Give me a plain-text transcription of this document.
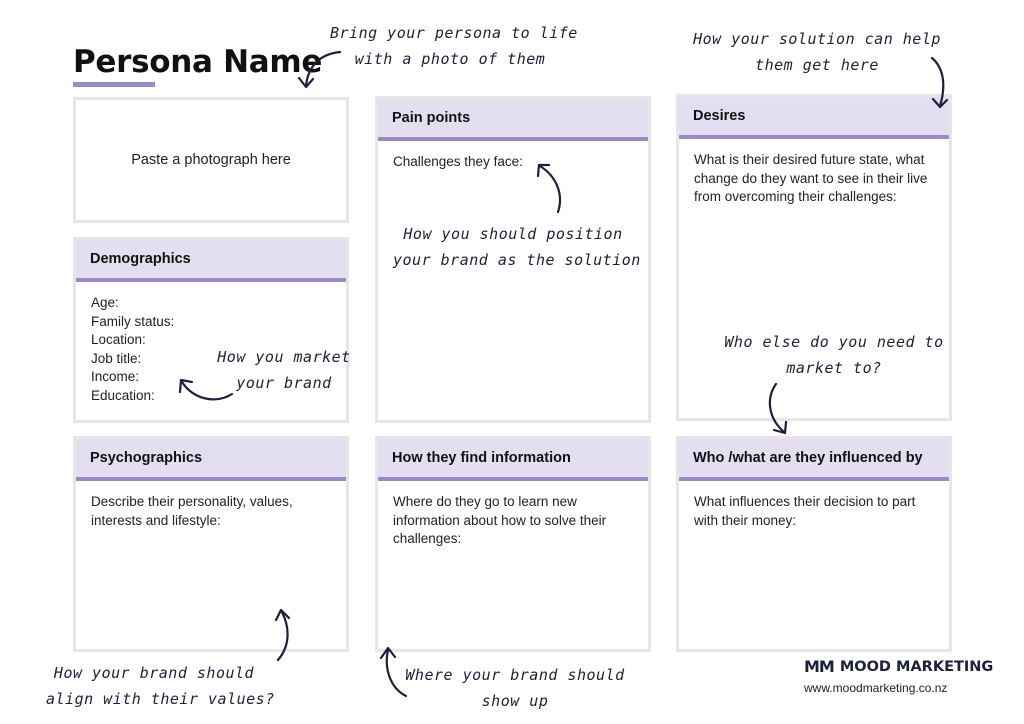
Persona Name
Paste a photograph here
Demographics
Age:
Family status:
Location:
Job title:
Income:
Education:
Pain points
Challenges they face:
Desires
What is their desired future state, what change do they want to see in their live from overcoming their challenges:
Psychographics
Describe their personality, values, interests and lifestyle:
How they find information
Where do they go to learn new information about how to solve their challenges:
Who /what are they influenced by
What influences their decision to part with their money:
Bring your persona to life
with a photo of them
How your solution can help
them get here
How you should position
your brand as the solution
How you market
your brand
Who else do you need to
market to?
How your brand should
align with their values?
Where your brand should
show up
MM MOOD MARKETING
www.moodmarketing.co.nz
